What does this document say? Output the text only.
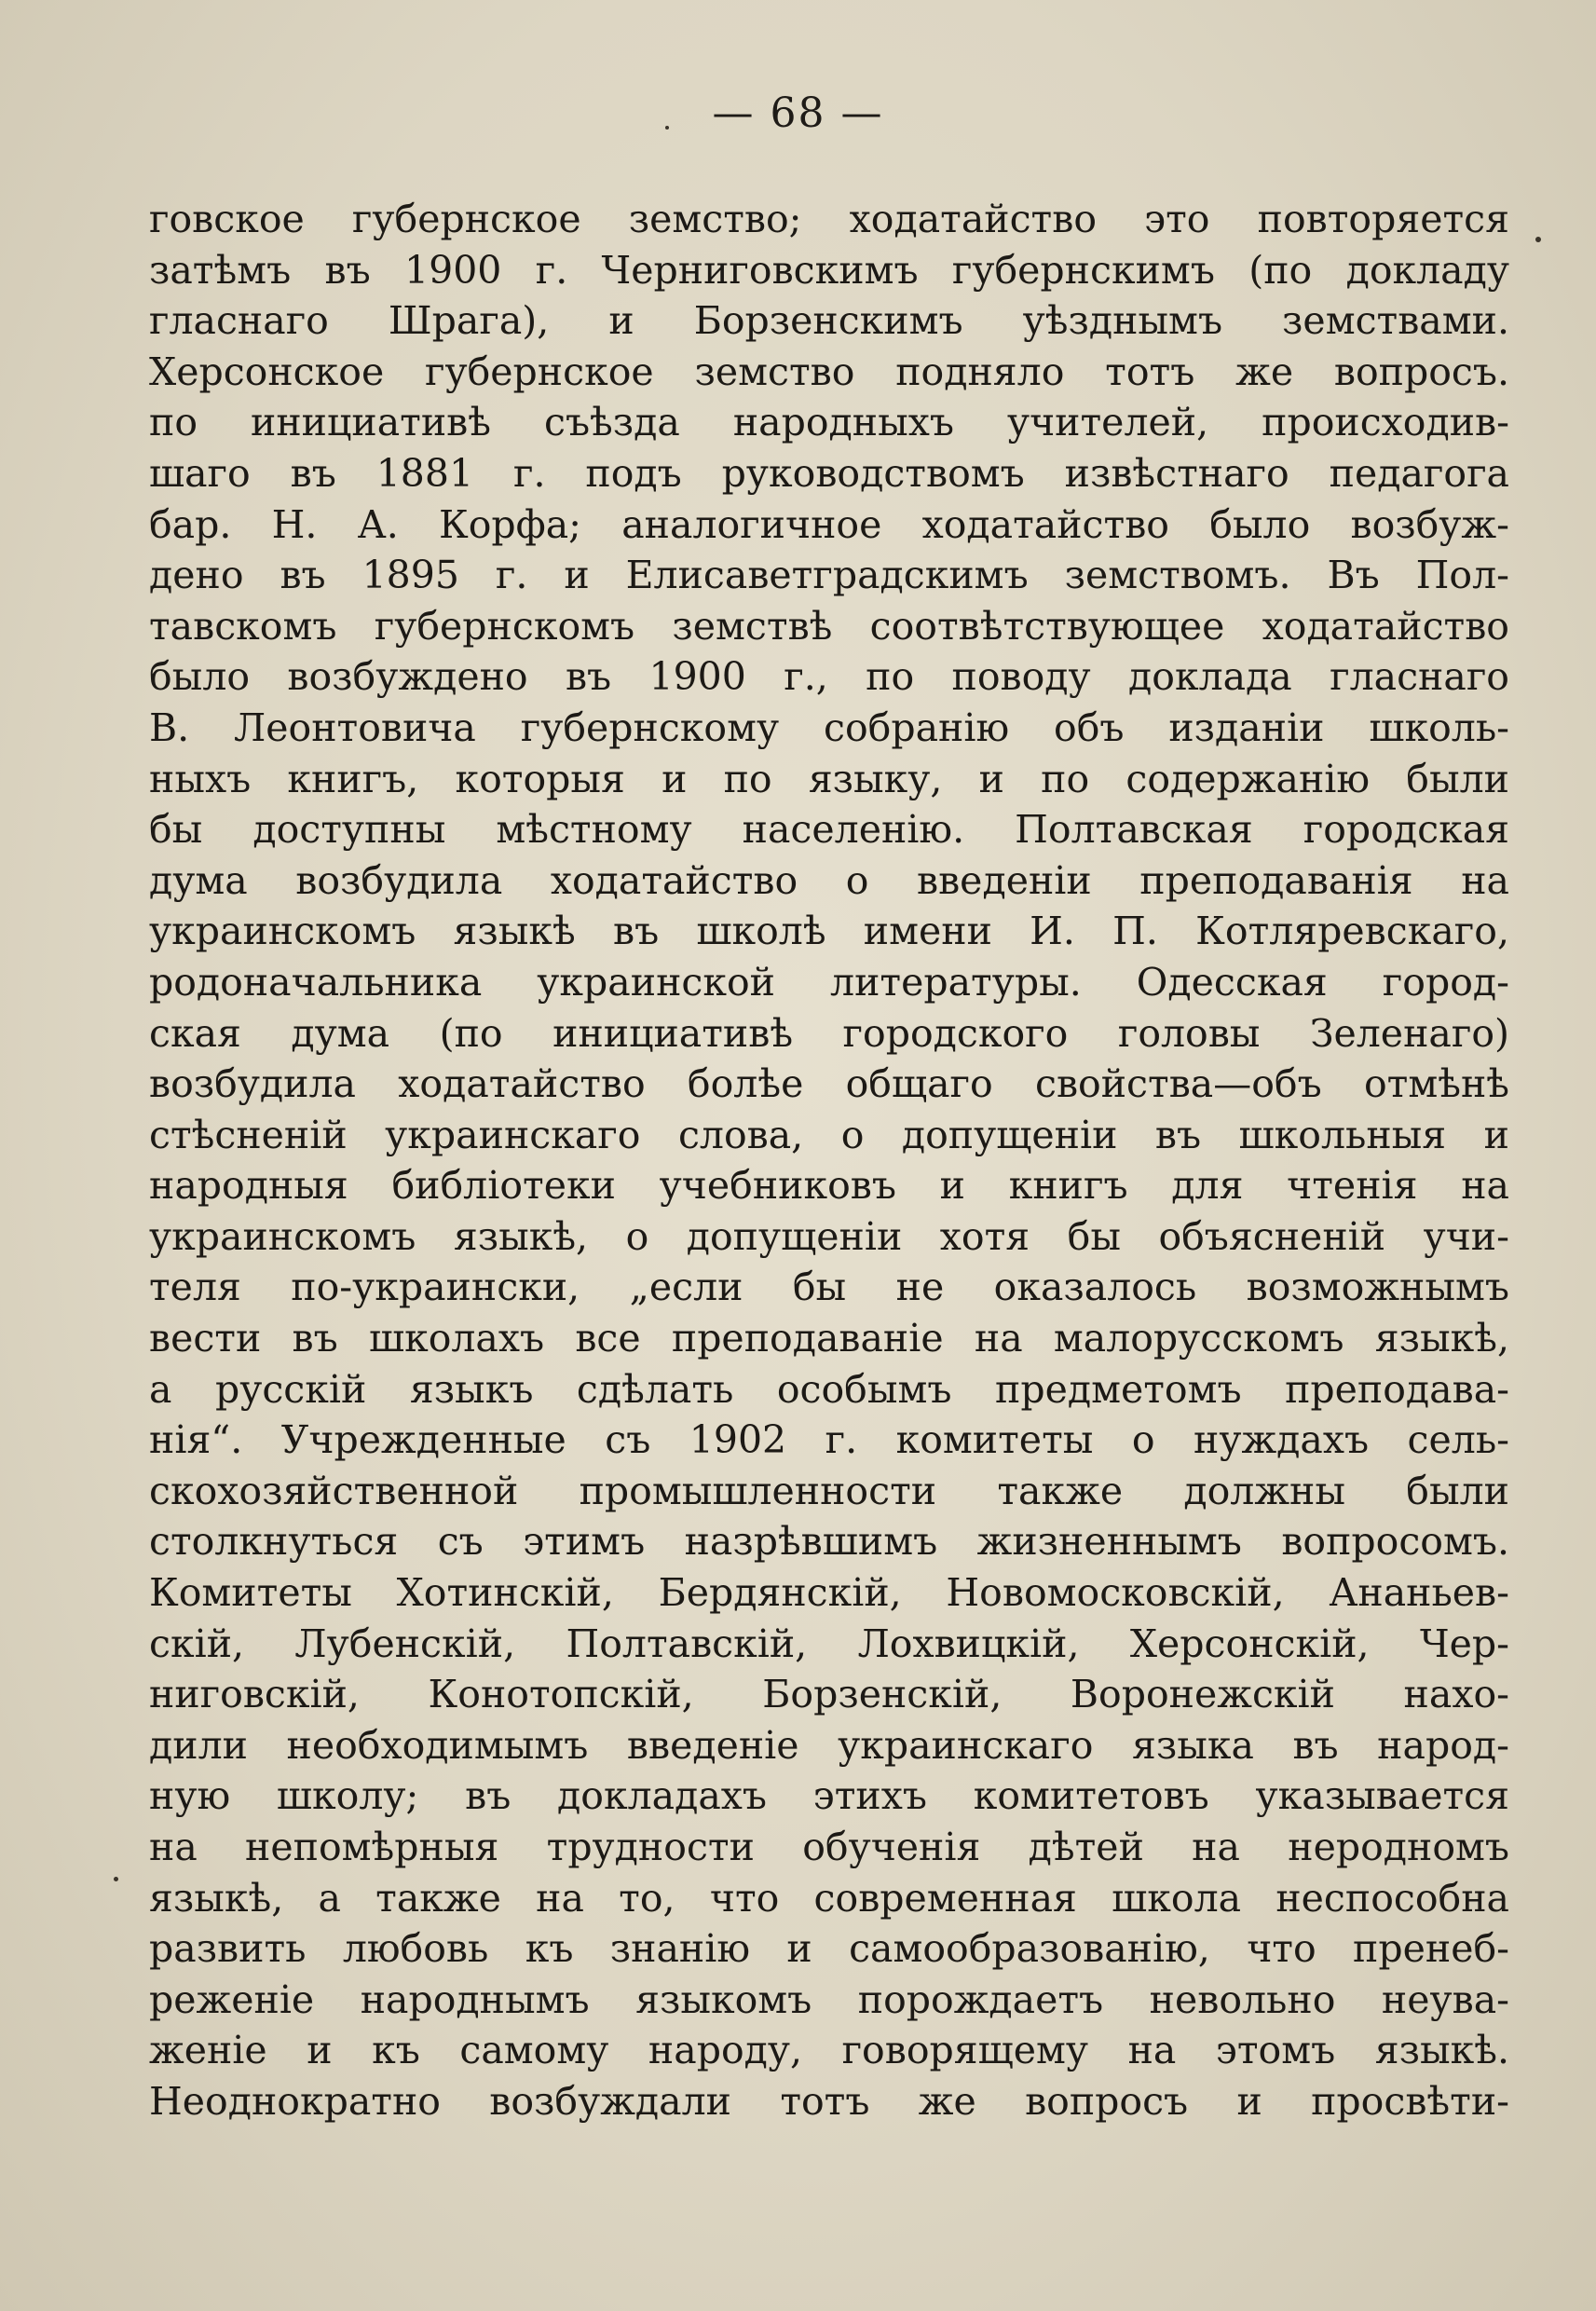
— 68 —
говское губернское земство; ходатайство это повторяется
затѣмъ въ 1900 г. Черниговскимъ губернскимъ (по докладу
гласнаго Шрага), и Борзенскимъ уѣзднымъ земствами.
Херсонское губернское земство подняло тотъ же вопросъ.
по инициативѣ съѣзда народныхъ учителей, происходив-
шаго въ 1881 г. подъ руководствомъ извѣстнаго педагога
бар. Н. А. Корфа; аналогичное ходатайство было возбуж-
дено въ 1895 г. и Елисаветградскимъ земствомъ. Въ Пол-
тавскомъ губернскомъ земствѣ соотвѣтствующее ходатайство
было возбуждено въ 1900 г., по поводу доклада гласнаго
В. Леонтовича губернскому собранію объ изданіи школь-
ныхъ книгъ, которыя и по языку, и по содержанію были
бы доступны мѣстному населенію. Полтавская городская
дума возбудила ходатайство о введеніи преподаванія на
украинскомъ языкѣ въ школѣ имени И. П. Котляревскаго,
родоначальника украинской литературы. Одесская город-
ская дума (по инициативѣ городского головы Зеленаго)
возбудила ходатайство болѣе общаго свойства—объ отмѣнѣ
стѣсненій украинскаго слова, о допущеніи въ школьныя и
народныя библіотеки учебниковъ и книгъ для чтенія на
украинскомъ языкѣ, о допущеніи хотя бы объясненій учи-
теля по-украински, „если бы не оказалось возможнымъ
вести въ школахъ все преподаваніе на малорусскомъ языкѣ,
а русскій языкъ сдѣлать особымъ предметомъ преподава-
нія“. Учрежденные съ 1902 г. комитеты о нуждахъ сель-
скохозяйственной промышленности также должны были
столкнуться съ этимъ назрѣвшимъ жизненнымъ вопросомъ.
Комитеты Хотинскій, Бердянскій, Новомосковскій, Ананьев-
скій, Лубенскій, Полтавскій, Лохвицкій, Херсонскій, Чер-
ниговскій, Конотопскій, Борзенскій, Воронежскій нахо-
дили необходимымъ введеніе украинскаго языка въ народ-
ную школу; въ докладахъ этихъ комитетовъ указывается
на непомѣрныя трудности обученія дѣтей на неродномъ
языкѣ, а также на то, что современная школа неспособна
развить любовь къ знанію и самообразованію, что пренеб-
реженіе народнымъ языкомъ порождаетъ невольно неува-
женіе и къ самому народу, говорящему на этомъ языкѣ.
Неоднократно возбуждали тотъ же вопросъ и просвѣти-
